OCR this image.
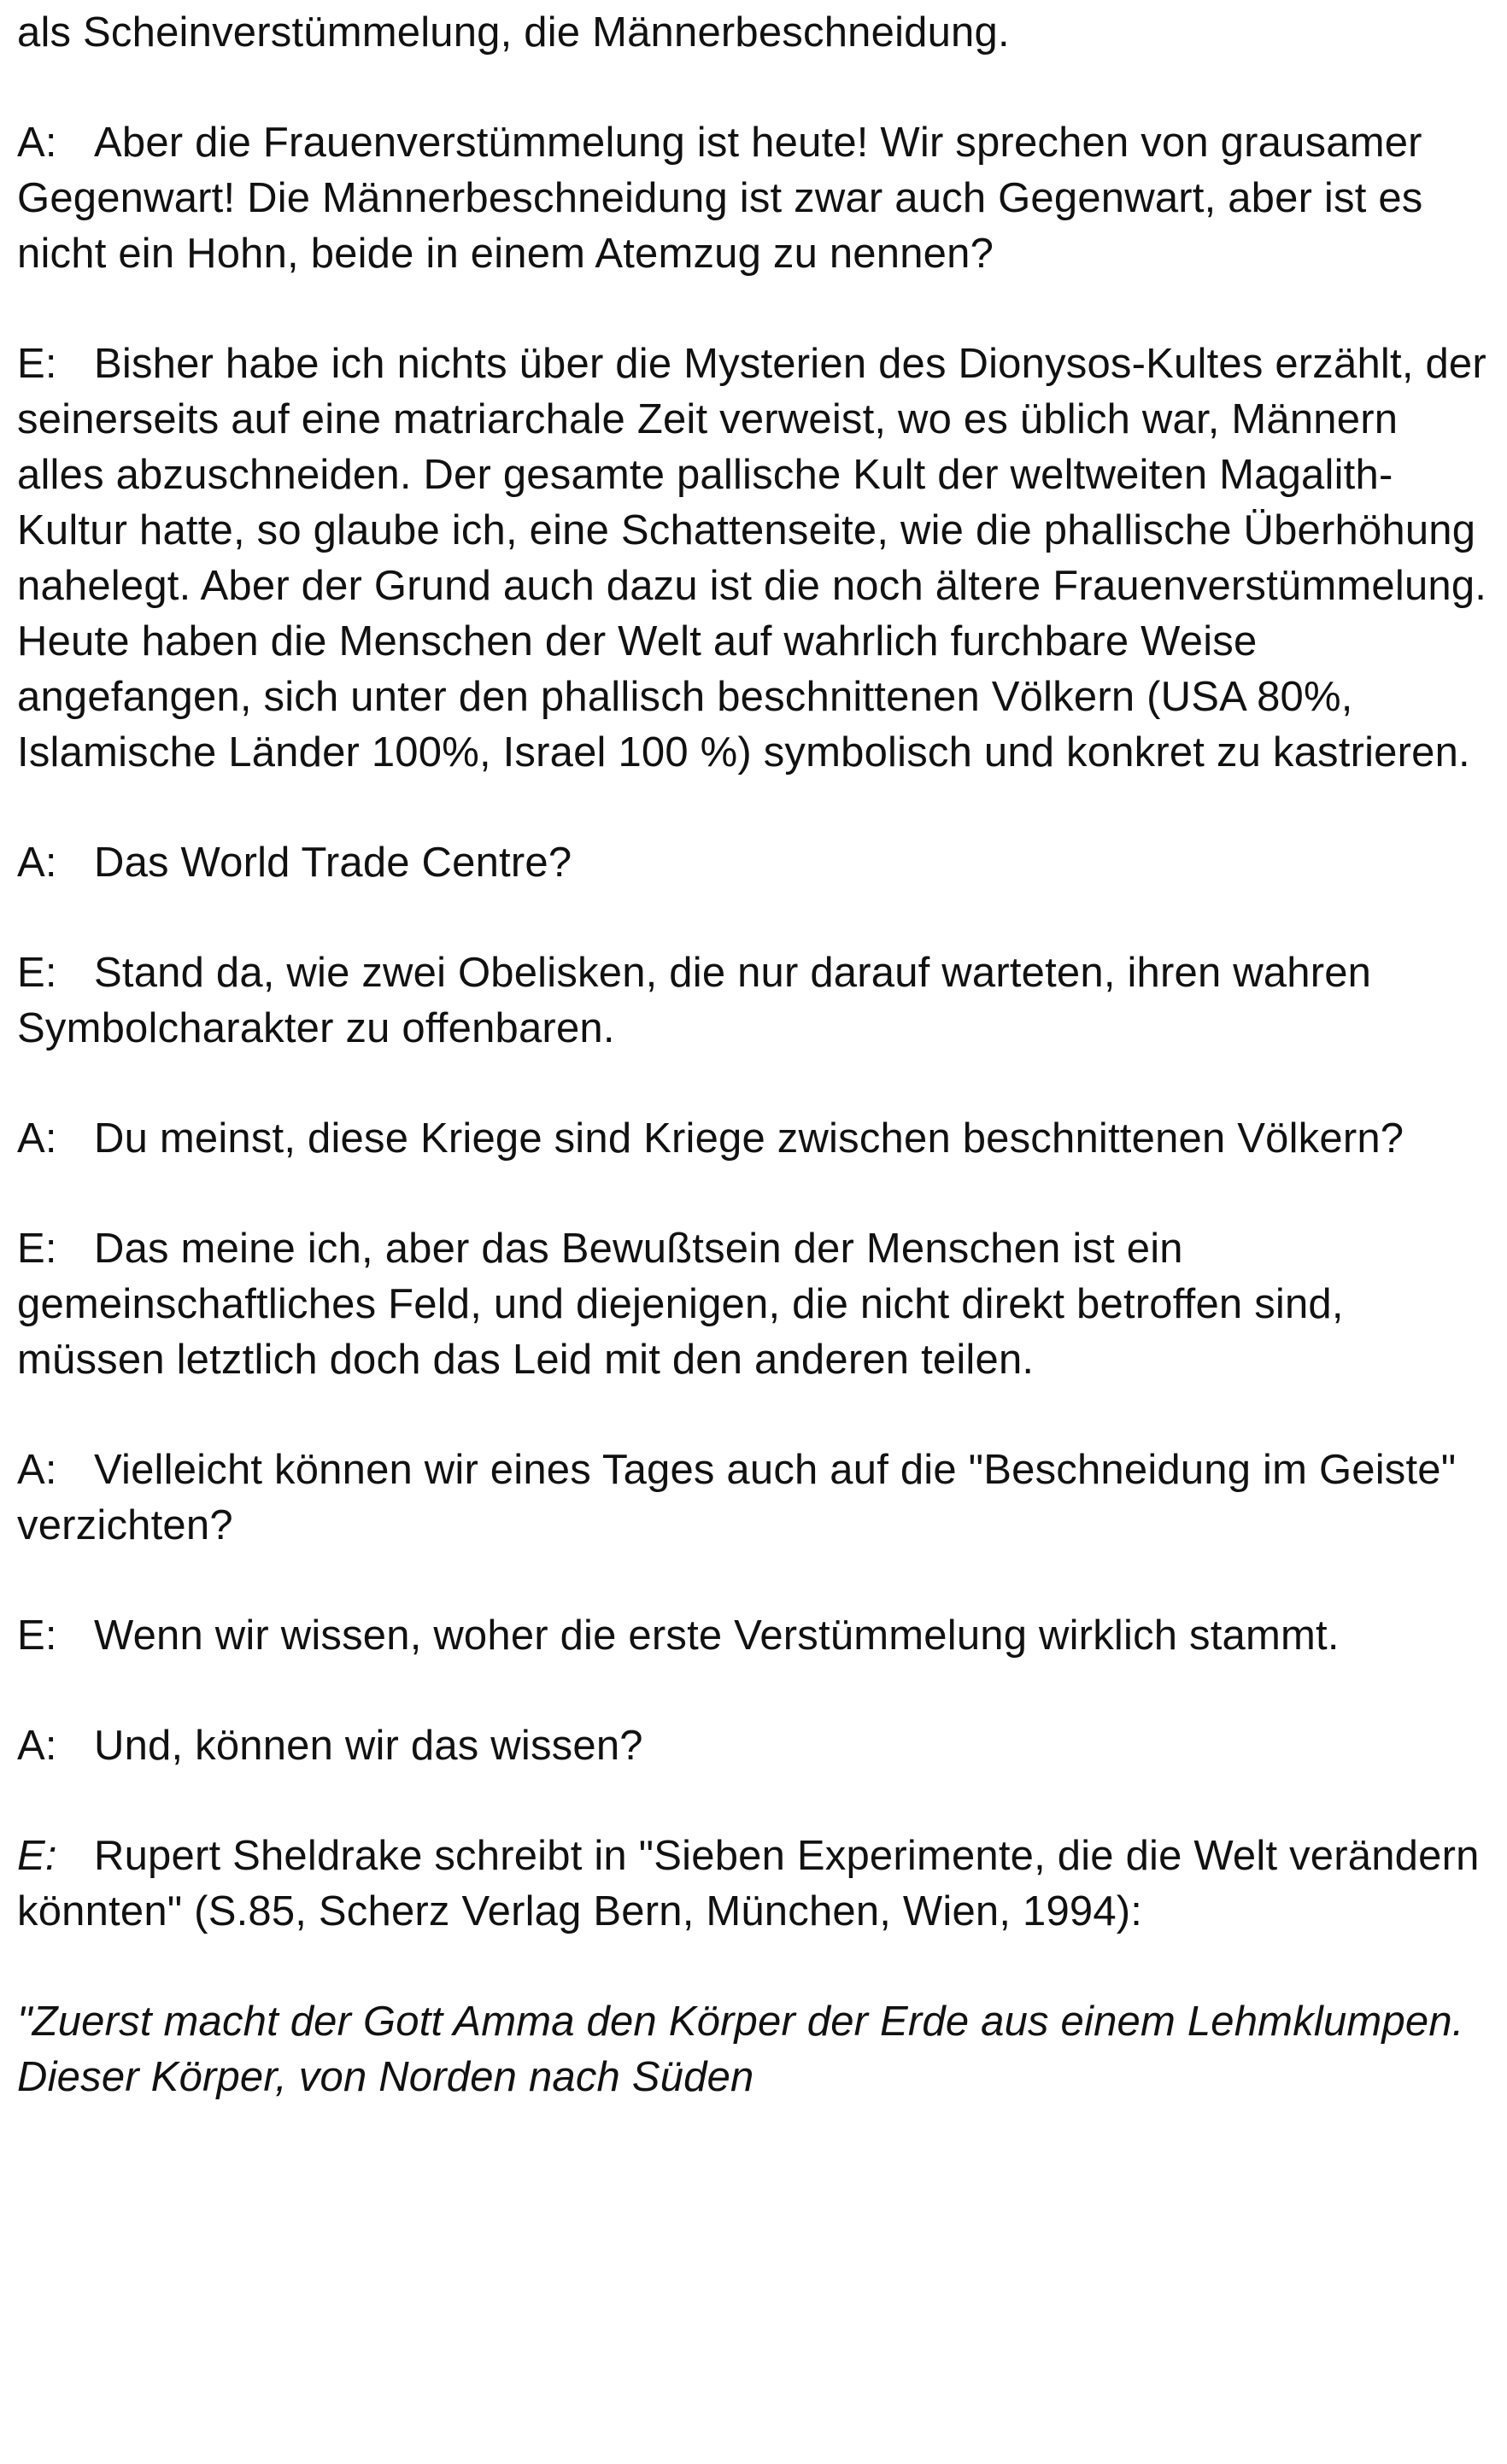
als Scheinverstümmelung, die Männerbeschneidung.

A: Aber die Frauenverstümmelung ist heute! Wir sprechen von grausamer Gegenwart! Die Männerbeschneidung ist zwar auch Gegenwart, aber ist es nicht ein Hohn, beide in einem Atemzug zu nennen?

E: Bisher habe ich nichts über die Mysterien des Dionysos-Kultes erzählt, der seinerseits auf eine matriarchale Zeit verweist, wo es üblich war, Männern alles abzuschneiden. Der gesamte pallische Kult der weltweiten Magalith-Kultur hatte, so glaube ich, eine Schattenseite, wie die phallische Überhöhung nahelegt. Aber der Grund auch dazu ist die noch ältere Frauenverstümmelung. Heute haben die Menschen der Welt auf wahrlich furchbare Weise angefangen, sich unter den phallisch beschnittenen Völkern (USA 80%, Islamische Länder 100%, Israel 100 %) symbolisch und konkret zu kastrieren.

A: Das World Trade Centre?

E: Stand da, wie zwei Obelisken, die nur darauf warteten, ihren wahren Symbolcharakter zu offenbaren.

A: Du meinst, diese Kriege sind Kriege zwischen beschnittenen Völkern?

E: Das meine ich, aber das Bewußtsein der Menschen ist ein gemeinschaftliches Feld, und diejenigen, die nicht direkt betroffen sind, müssen letztlich doch das Leid mit den anderen teilen.

A: Vielleicht können wir eines Tages auch auf die "Beschneidung im Geiste" verzichten?

E: Wenn wir wissen, woher die erste Verstümmelung wirklich stammt.

A: Und, können wir das wissen?

E: Rupert Sheldrake schreibt in "Sieben Experimente, die die Welt verändern könnten" (S.85, Scherz Verlag Bern, München, Wien, 1994):

"Zuerst macht der Gott Amma den Körper der Erde aus einem Lehmklumpen. Dieser Körper, von Norden nach Süden
